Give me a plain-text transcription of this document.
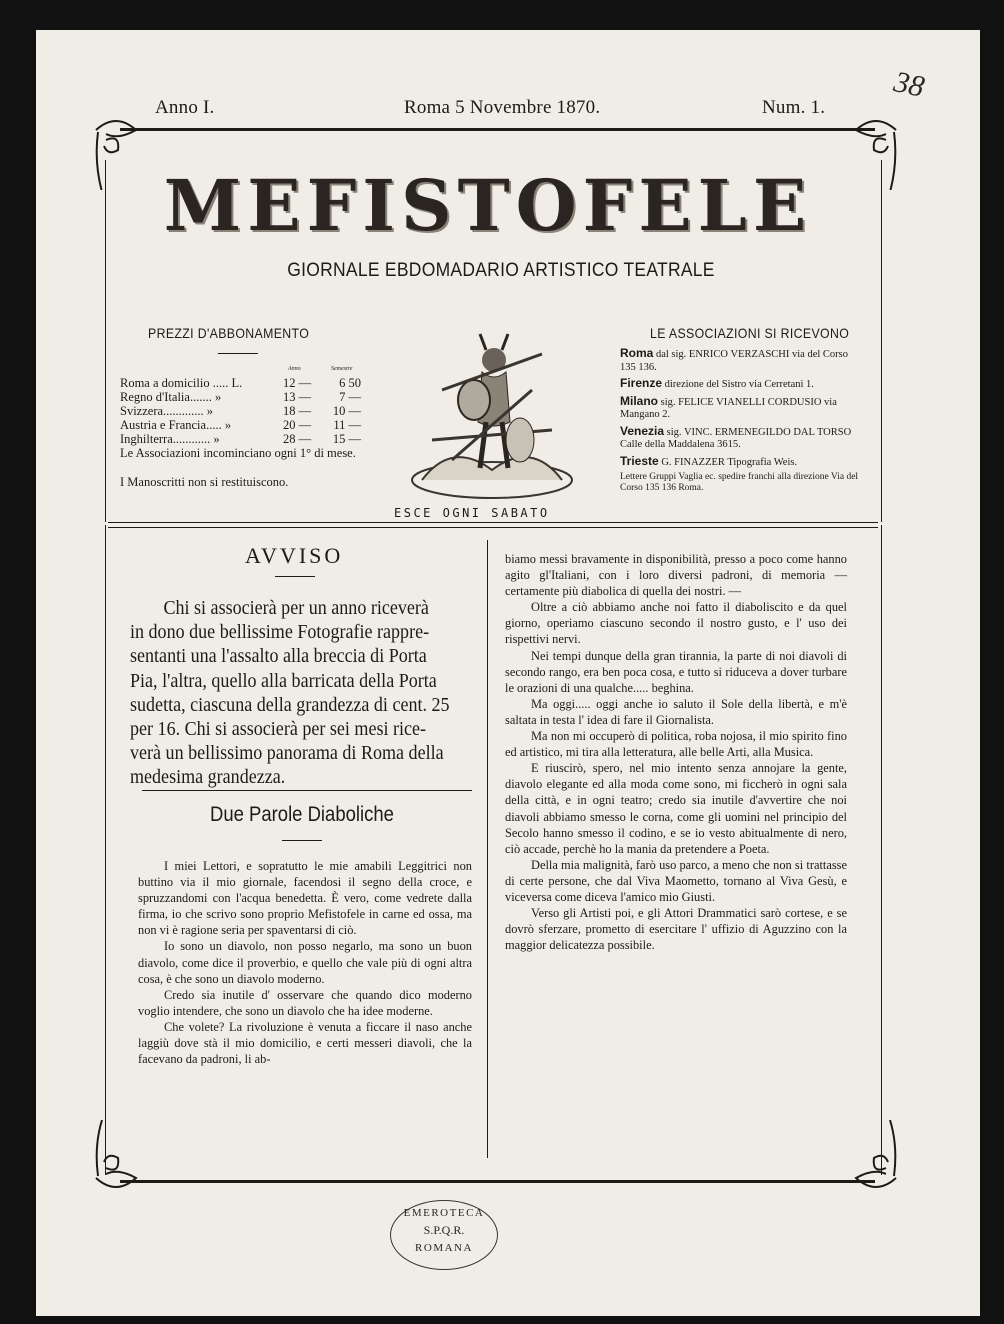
38
Anno I.	Roma 5 Novembre 1870.	Num. 1.
MEFISTOFELE
GIORNALE EBDOMADARIO ARTISTICO TEATRALE
PREZZI D'ABBONAMENTO
Anno	Semestre
Roma a domicilio ..... L.	12 —	6 50
Regno d'Italia....... »	13 —	7 —
Svizzera............. »	18 —	10 —
Austria e Francia..... »	20 —	11 —
Inghilterra............ »	28 —	15 —
Le Associazioni incominciano ogni 1° di mese.
I Manoscritti non si restituiscono.
ESCE OGNI SABATO
LE ASSOCIAZIONI SI RICEVONO

Roma dal sig. ENRICO VERZASCHI via del Corso 135 136.

Firenze direzione del Sistro via Cerretani 1.

Milano sig. FELICE VIANELLI CORDUSIO via Mangano 2.

Venezia sig. VINC. ERMENEGILDO DAL TORSO Calle della Maddalena 3615.

Trieste G. FINAZZER Tipografia Weis.

Lettere Gruppi Vaglia ec. spedire franchi alla direzione Via del Corso 135 136 Roma.

AVVISO
Chi si associerà per un anno riceverà
in dono due bellissime Fotografie rappre-
sentanti una l'assalto alla breccia di Porta
Pia, l'altra, quello alla barricata della Porta
sudetta, ciascuna della grandezza di cent. 25
per 16. Chi si associerà per sei mesi rice-
verà un bellissimo panorama di Roma della
medesima grandezza.
Due Parole Diaboliche

I miei Lettori, e sopratutto le mie amabili Leggitrici non buttino via il mio giornale, facendosi il segno della croce, e spruzzandomi con l'acqua benedetta. È vero, come vedrete dalla firma, io che scrivo sono proprio Mefistofele in carne ed ossa, ma non vi è ragione seria per spaventarsi di ciò.

Io sono un diavolo, non posso negarlo, ma sono un buon diavolo, come dice il proverbio, e quello che vale più di ogni altra cosa, è che sono un diavolo moderno.

Credo sia inutile d' osservare che quando dico moderno voglio intendere, che sono un diavolo che ha idee moderne.

Che volete? La rivoluzione è venuta a ficcare il naso anche laggiù dove stà il mio domicilio, e certi messeri diavoli, che la facevano da padroni, li ab-

biamo messi bravamente in disponibilità, presso a poco come hanno agito gl'Italiani, con i loro diversi padroni, di memoria — certamente più diabolica di quella dei nostri. —

Oltre a ciò abbiamo anche noi fatto il diaboliscito e da quel giorno, operiamo ciascuno secondo il nostro gusto, e l' uso dei rispettivi nervi.

Nei tempi dunque della gran tirannia, la parte di noi diavoli di secondo rango, era ben poca cosa, e tutto si riduceva a dover turbare le orazioni di una qualche..... beghina.

Ma oggi..... oggi anche io saluto il Sole della libertà, e m'è saltata in testa l' idea di fare il Giornalista.

Ma non mi occuperò di politica, roba nojosa, il mio spirito fino ed artistico, mi tira alla letteratura, alle belle Arti, alla Musica.

E riuscirò, spero, nel mio intento senza annojare la gente, diavolo elegante ed alla moda come sono, mi ficcherò in ogni sala della città, e in ogni teatro; credo sia inutile d'avvertire che noi diavoli abbiamo smesso le corna, come gli uomini nel principio del Secolo hanno smesso il codino, e se io vesto abitualmente di nero, ciò accade, perchè ho la mania da pretendere a Poeta.

Della mia malignità, farò uso parco, a meno che non si trattasse di certe persone, che dal Viva Maometto, tornano al Viva Gesù, e viceversa come diceva l'amico mio Giusti.

Verso gli Artisti poi, e gli Attori Drammatici sarò cortese, e se dovrò sferzare, prometto di esercitare l' uffizio di Aguzzino con la maggior delicatezza possibile.

EMEROTECA
S.P.Q.R.
ROMANA
